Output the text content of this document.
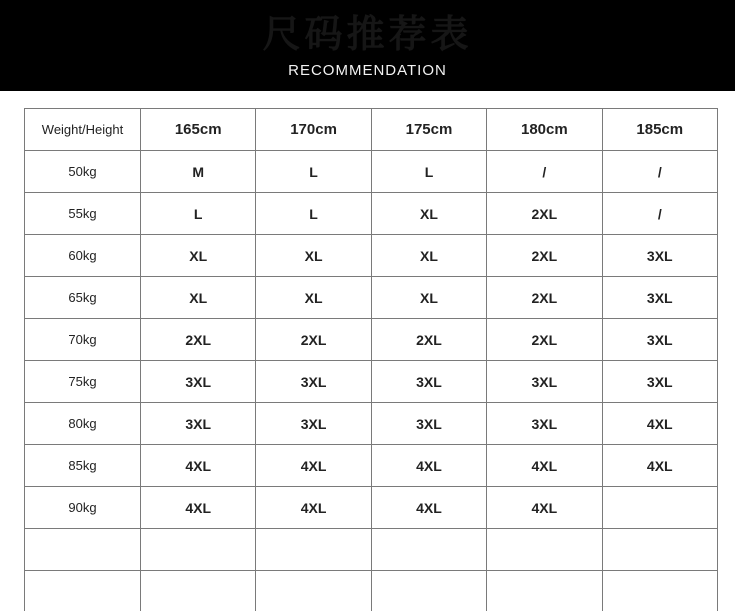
尺码推荐表
RECOMMENDATION
Weight/Height	165cm	170cm	175cm	180cm	185cm
50kg	M	L	L	/	/
55kg	L	L	XL	2XL	/
60kg	XL	XL	XL	2XL	3XL
65kg	XL	XL	XL	2XL	3XL
70kg	2XL	2XL	2XL	2XL	3XL
75kg	3XL	3XL	3XL	3XL	3XL
80kg	3XL	3XL	3XL	3XL	4XL
85kg	4XL	4XL	4XL	4XL	4XL
90kg	4XL	4XL	4XL	4XL	
